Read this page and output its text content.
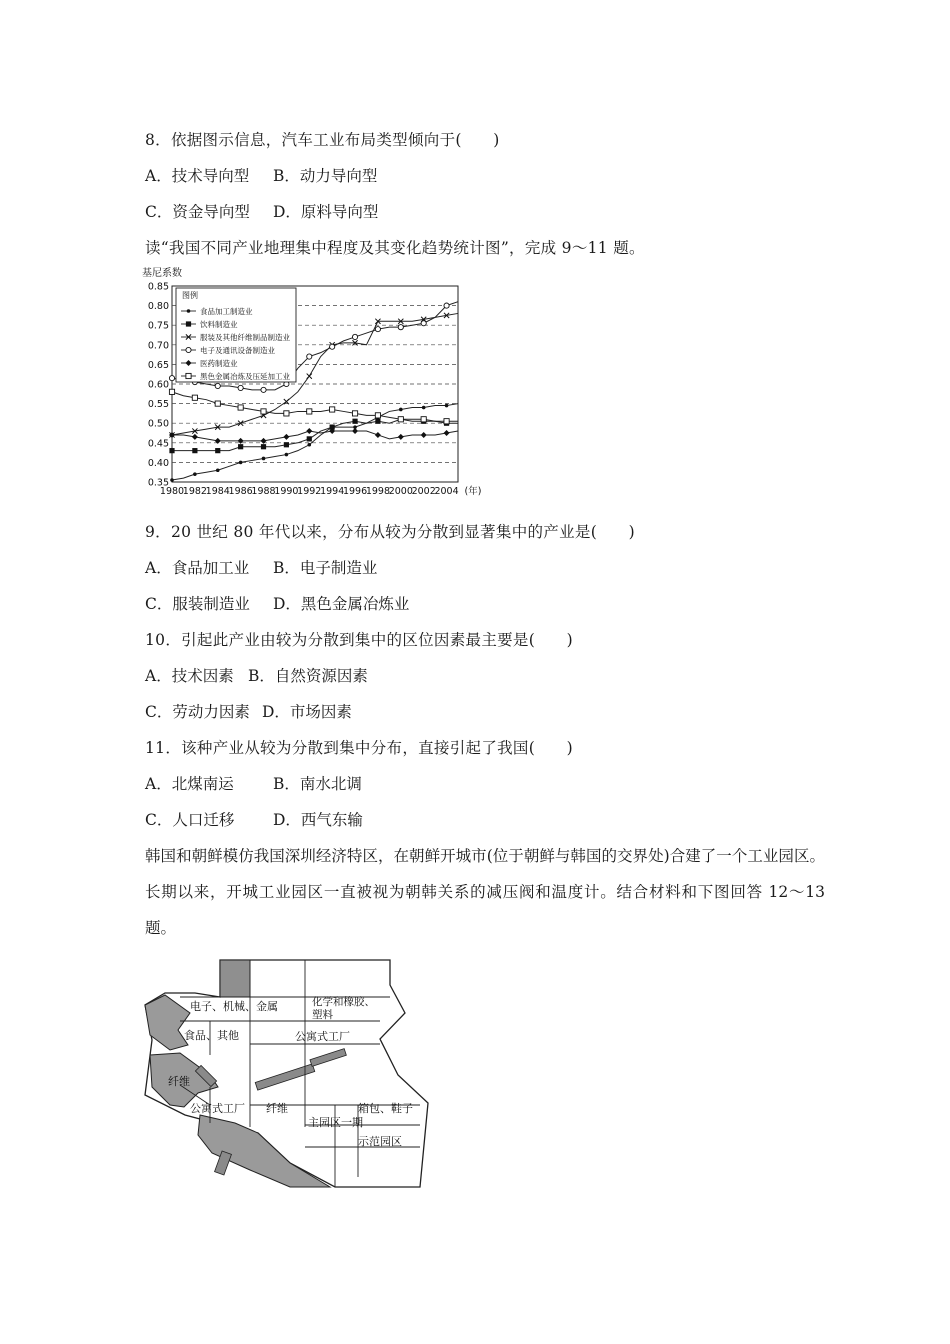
8．依据图示信息，汽车工业布局类型倾向于(　　)
A．技术导向型 B．动力导向型
C．资金导向型 D．原料导向型
读“我国不同产业地理集中程度及其变化趋势统计图”，完成 9～11 题。
基尼系数
0.35
0.40
0.45
0.50
0.55
0.60
0.65
0.70
0.75
0.80
0.85
1980
1982
1984
1986
1988
1990
1992
1994
1996
1998
2000
2002
2004 (年)
图例
食品加工制造业
饮料制造业
服装及其他纤维制品制造业
电子及通讯设备制造业
医药制造业
黑色金属冶炼及压延加工业
9．20 世纪 80 年代以来，分布从较为分散到显著集中的产业是(　　)
A．食品加工业 B．电子制造业
C．服装制造业 D．黑色金属冶炼业
10．引起此产业由较为分散到集中的区位因素最主要是(　　)
A．技术因素 B．自然资源因素
C．劳动力因素 D．市场因素
11．该种产业从较为分散到集中分布，直接引起了我国(　　)
A．北煤南运	B．南水北调
C．人口迁移 D．西气东输
韩国和朝鲜模仿我国深圳经济特区，在朝鲜开城市(位于朝鲜与韩国的交界处)合建了一个工业园区。长期以来，开城工业园区一直被视为朝韩关系的减压阀和温度计。结合材料和下图回答 12～13 题。
电子、机械、金属	化学和橡胶、
塑料
食品、其他	公寓式工厂
纤维
公寓式工厂 纤维
主园区一期
箱包、鞋子
示范园区
